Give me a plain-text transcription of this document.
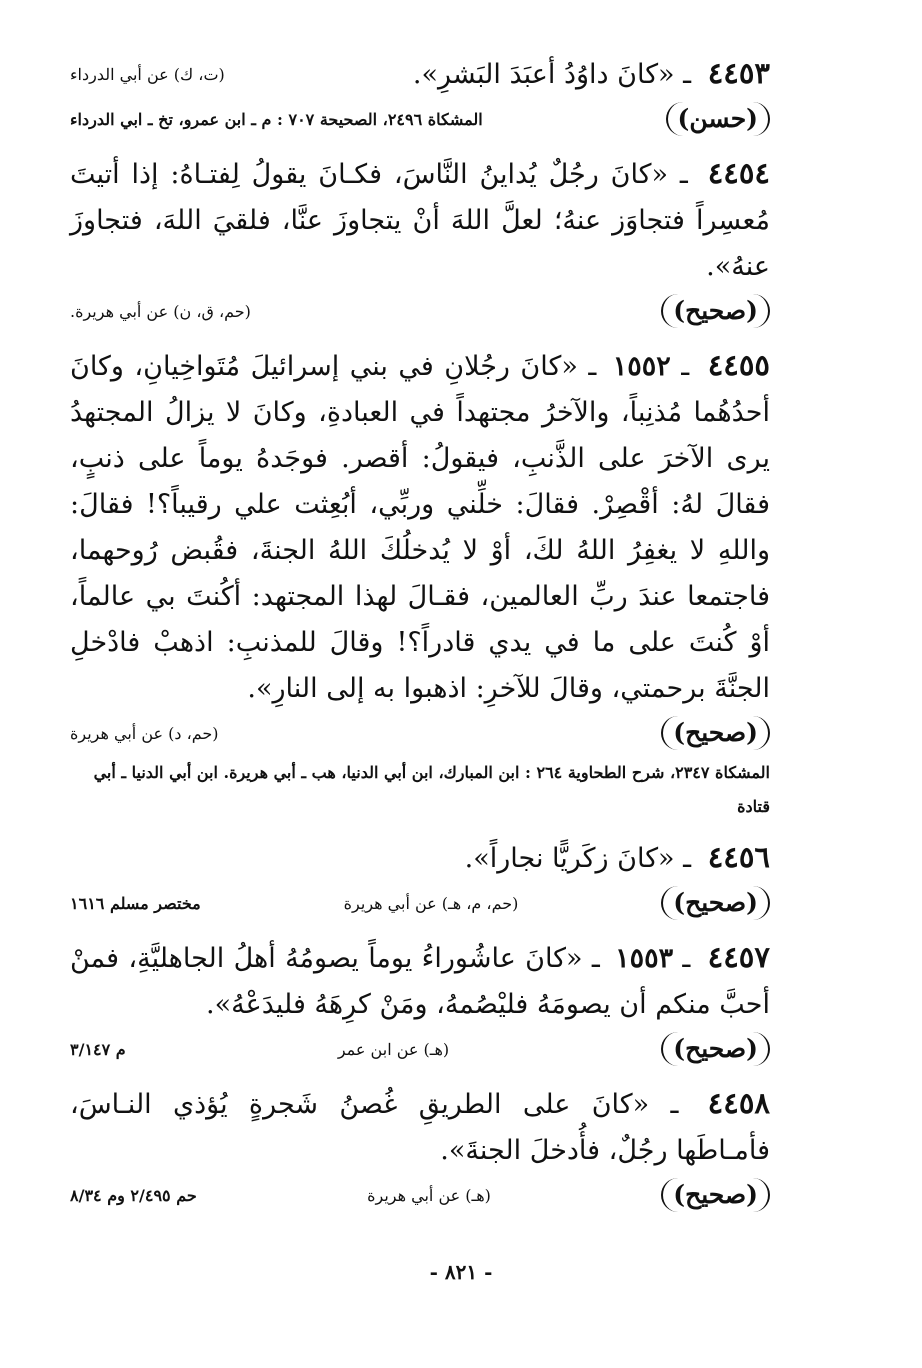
٤٤٥٣ ـ «كانَ داوُدُ أعبَدَ البَشرِ».

(ت، ك) عن أبي الدرداء
(حسن)
المشكاة ٢٤٩٦، الصحيحة ٧٠٧ : م ـ ابن عمرو، تخ ـ ابي الدرداء

٤٤٥٤ ـ «كانَ رجُلٌ يُداينُ النَّاسَ، فكـانَ يقولُ لِفتـاهُ: إذا أتيتَ مُعسِراً فتجاوَز عنهُ؛ لعلَّ اللهَ أنْ يتجاوزَ عنَّا، فلقيَ اللهَ، فتجاوزَ عنهُ».

(صحيح)
(حم، ق، ن) عن أبي هريرة.

٤٤٥٥ ـ ١٥٥٢ ـ «كانَ رجُلانِ في بني إسرائيلَ مُتَواخِيانِ، وكانَ أحدُهُما مُذنِباً، والآخرُ مجتهداً في العبادةِ، وكانَ لا يزالُ المجتهدُ يرى الآخرَ على الذَّنبِ، فيقولُ: أقصر. فوجَدهُ يوماً على ذنبٍ، فقالَ لهُ: أقْصِرْ. فقالَ: خلِّني وربِّي، أبُعِثت علي رقيباً؟! فقالَ: واللهِ لا يغفِرُ اللهُ لكَ، أوْ لا يُدخلُكَ اللهُ الجنةَ، فقُبض رُوحهما، فاجتمعا عندَ ربِّ العالمين، فقـالَ لهذا المجتهد: أكُنتَ بي عالماً، أوْ كُنتَ على ما في يدي قادراً؟! وقالَ للمذنبِ: اذهبْ فادْخلِ الجنَّةَ برحمتي، وقالَ للآخرِ: اذهبوا به إلى النارِ».

(صحيح)
(حم، د) عن أبي هريرة
المشكاة ٢٣٤٧، شرح الطحاوية ٢٦٤ : ابن المبارك، ابن أبي الدنيا، هب ـ أبي هريرة. ابن أبي الدنيا ـ أبي قتادة

٤٤٥٦ ـ «كانَ زكَريًّا نجاراً».

(صحيح)
(حم، م، هـ) عن أبي هريرة
مختصر مسلم ١٦١٦

٤٤٥٧ ـ ١٥٥٣ ـ «كانَ عاشُوراءُ يوماً يصومُهُ أهلُ الجاهليَّةِ، فمنْ أحبَّ منكم أن يصومَهُ فليْصُمهُ، ومَنْ كرِهَهُ فليدَعْهُ».

(صحيح)
(هـ) عن ابن عمر
م ٣/١٤٧

٤٤٥٨ ـ «كانَ على الطريقِ غُصنُ شَجرةٍ يُؤذي النـاسَ، فأمـاطَها رجُلٌ، فأُدخلَ الجنةَ».

(صحيح)
(هـ) عن أبي هريرة
حم ٢/٤٩٥ وم ٨/٣٤
- ٨٢١ -
